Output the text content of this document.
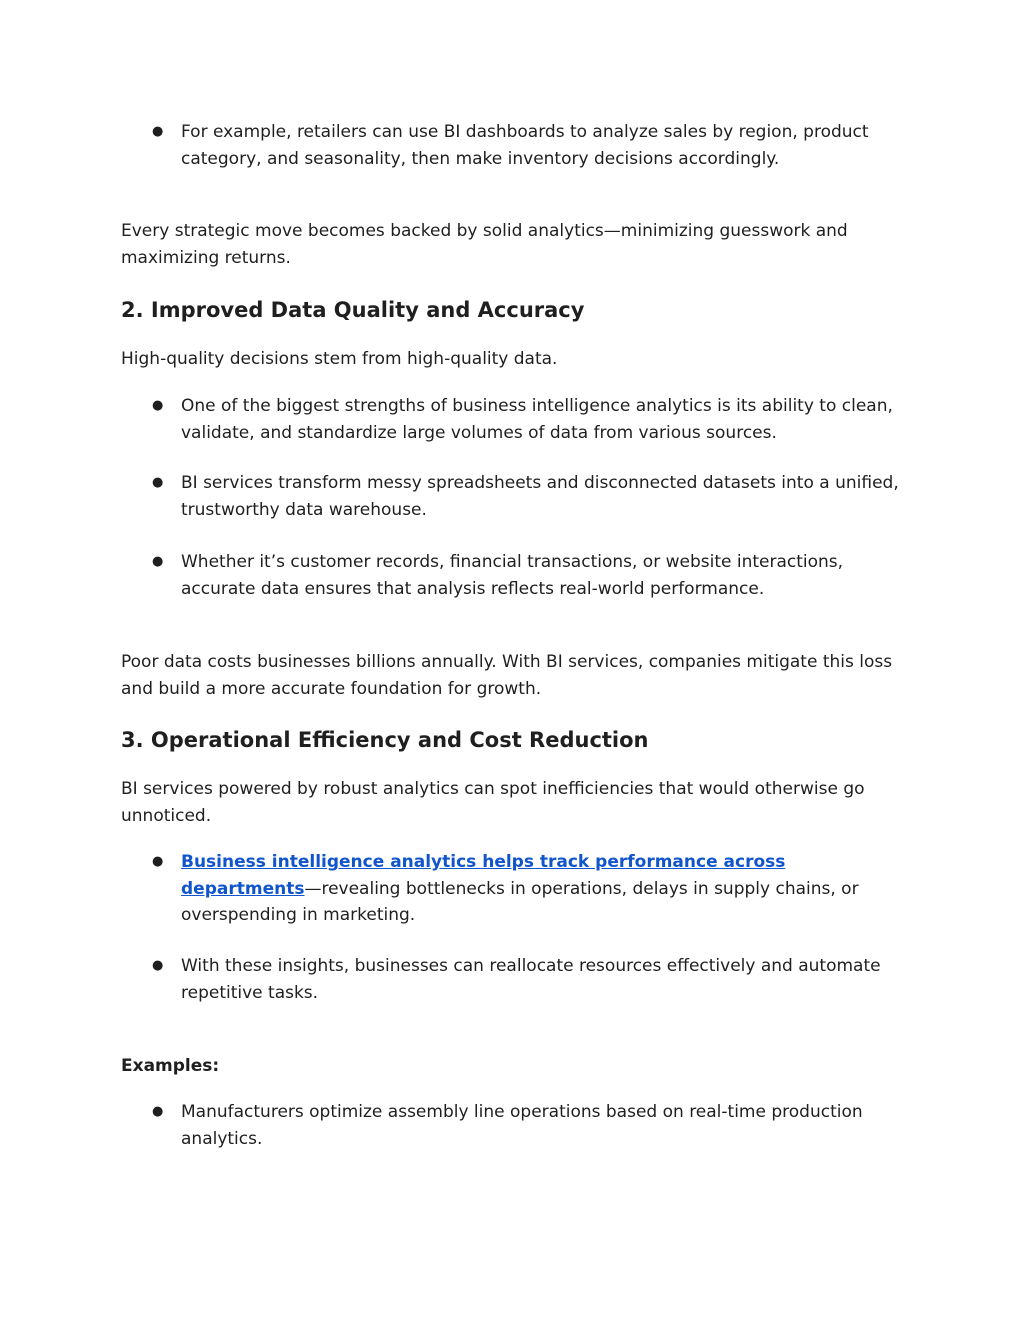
● For example, retailers can use BI dashboards to analyze sales by region, product category, and seasonality, then make inventory decisions accordingly.

Every strategic move becomes backed by solid analytics—minimizing guesswork and maximizing returns.

2. Improved Data Quality and Accuracy

High-quality decisions stem from high-quality data.

● One of the biggest strengths of business intelligence analytics is its ability to clean, validate, and standardize large volumes of data from various sources.
● BI services transform messy spreadsheets and disconnected datasets into a unified, trustworthy data warehouse.
● Whether it’s customer records, financial transactions, or website interactions, accurate data ensures that analysis reflects real-world performance.

Poor data costs businesses billions annually. With BI services, companies mitigate this loss and build a more accurate foundation for growth.

3. Operational Efficiency and Cost Reduction

BI services powered by robust analytics can spot inefficiencies that would otherwise go unnoticed.

● Business intelligence analytics helps track performance across departments—revealing bottlenecks in operations, delays in supply chains, or overspending in marketing.
● With these insights, businesses can reallocate resources effectively and automate repetitive tasks.

Examples:

● Manufacturers optimize assembly line operations based on real-time production analytics.
